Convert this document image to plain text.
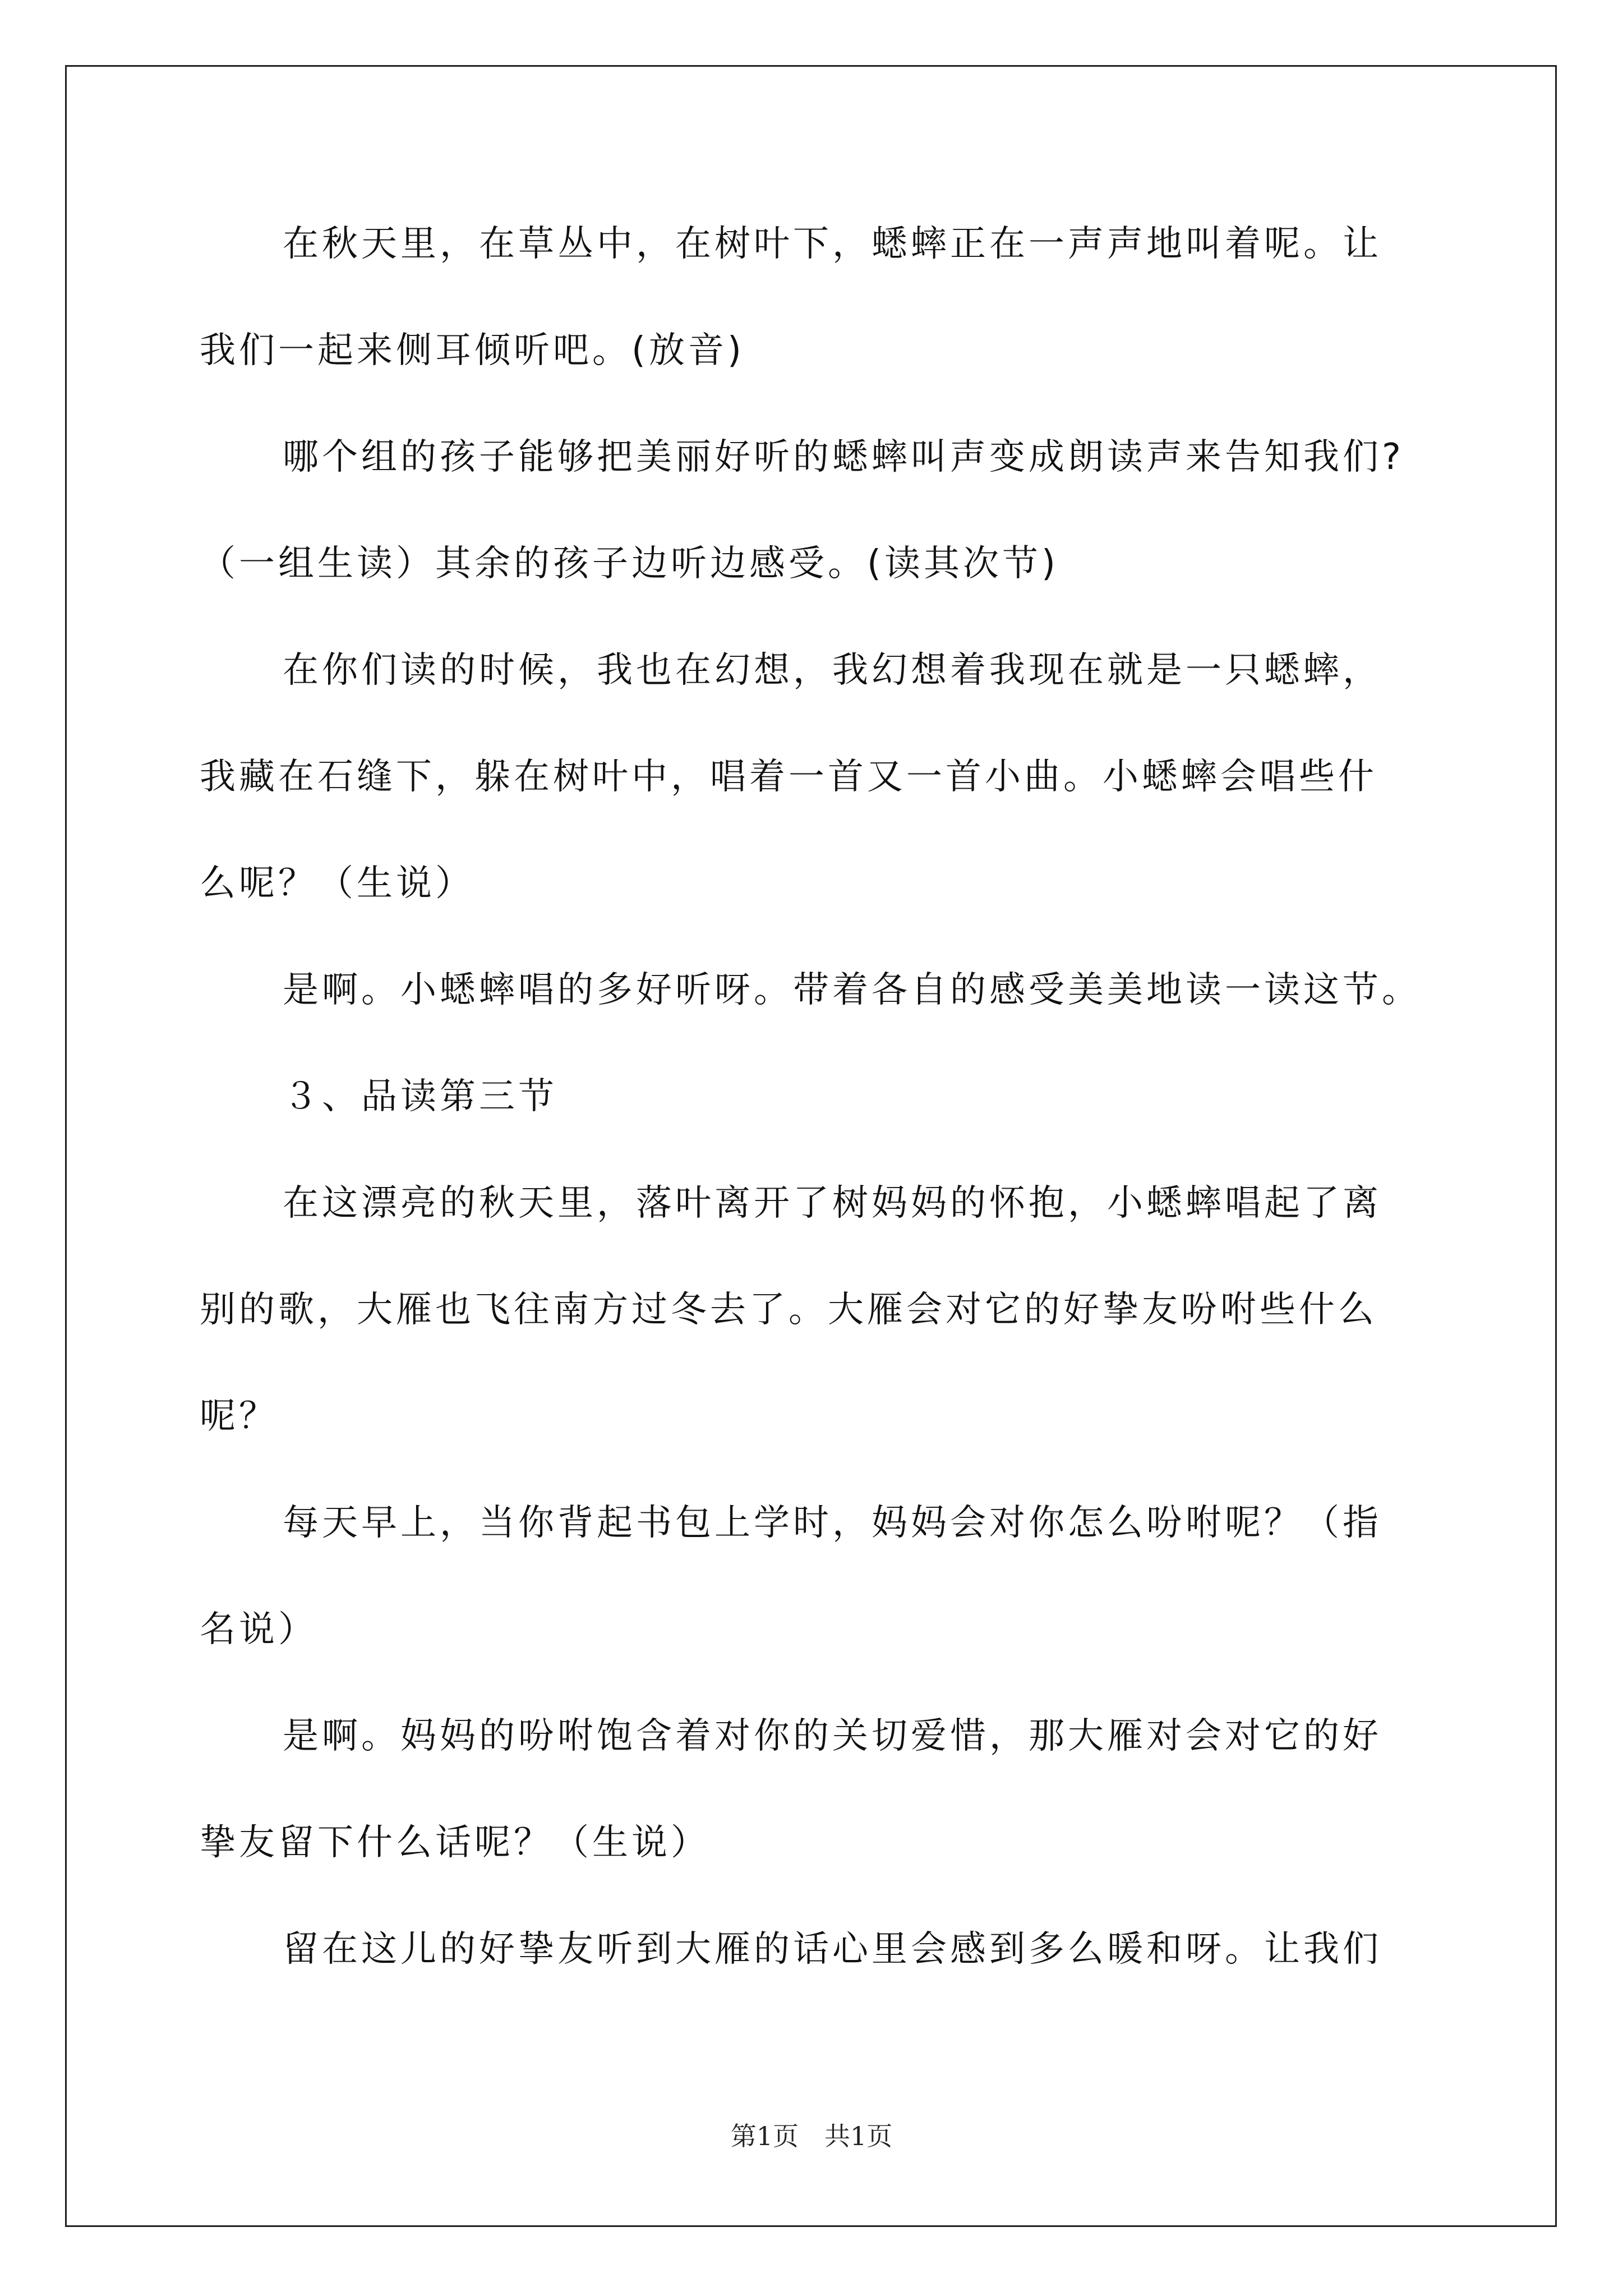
在秋天里，在草丛中，在树叶下，蟋蟀正在一声声地叫着呢。让
我们一起来侧耳倾听吧。(放音)
哪个组的孩子能够把美丽好听的蟋蟀叫声变成朗读声来告知我们?
（一组生读）其余的孩子边听边感受。(读其次节)
在你们读的时候，我也在幻想，我幻想着我现在就是一只蟋蟀，
我藏在石缝下，躲在树叶中，唱着一首又一首小曲。小蟋蟀会唱些什
么呢？（生说）
是啊。小蟋蟀唱的多好听呀。带着各自的感受美美地读一读这节。
３、品读第三节
在这漂亮的秋天里，落叶离开了树妈妈的怀抱，小蟋蟀唱起了离
别的歌，大雁也飞往南方过冬去了。大雁会对它的好挚友吩咐些什么
呢？
每天早上，当你背起书包上学时，妈妈会对你怎么吩咐呢？（指
名说）
是啊。妈妈的吩咐饱含着对你的关切爱惜，那大雁对会对它的好
挚友留下什么话呢？（生说）
留在这儿的好挚友听到大雁的话心里会感到多么暖和呀。让我们
第1页　共1页
